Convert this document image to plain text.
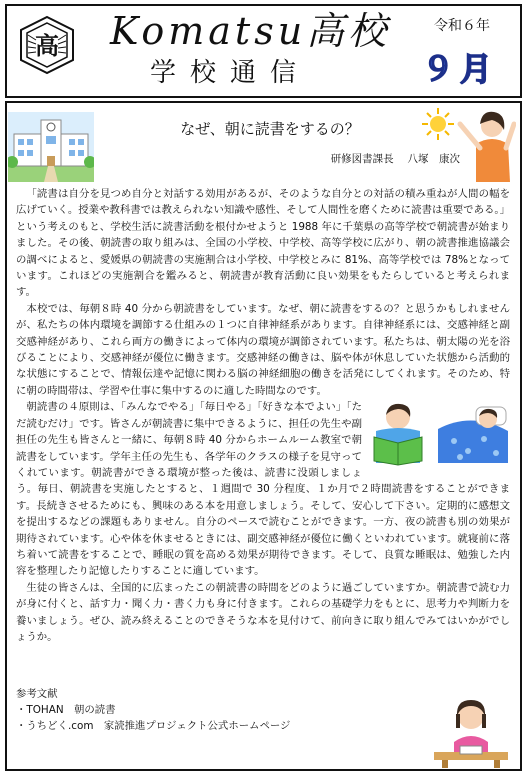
高 Komatsu高校
学校通信
令和６年
９月
なぜ、朝に読書をするの？
研修図書課長　 八塚　康次

「読書は自分を見つめ自分と対話する効用があるが、そのような自分との対話の積み重ねが人間の幅を広げていく。授業や教科書では教えられない知識や感性、そして人間性を磨くために読書は重要である。」という考えのもと、学校生活に読書活動を根付かせようと 1988 年に千葉県の高等学校で朝読書が始まりました。その後、朝読書の取り組みは、全国の小学校、中学校、高等学校に広がり、朝の読書推進協議会の調べによると、愛媛県の朝読書の実施割合は小学校、中学校とみに 81%、高等学校では 78%となっています。これほどの実施割合を鑑みると、朝読書が教育活動に良い効果をもたらしていると考えられます。

本校では、毎朝８時 40 分から朝読書をしています。なぜ、朝に読書をするの？と思うかもしれませんが、私たちの体内環境を調節する仕組みの１つに自律神経系があります。自律神経系には、交感神経と副交感神経があり、これら両方の働きによって体内の環境が調節されています。私たちは、朝太陽の光を浴びることにより、交感神経が優位に働きます。交感神経の働きは、脳や体が休息していた状態から活動的な状態にすることで、情報伝達や記憶に関わる脳の神経細胞の働きを活発にしてくれます。そのため、特に朝の時間帯は、学習や仕事に集中するのに適した時間なのです。

朝読書の４原則は、「みんなでやる」「毎日やる」「好きな本でよい」「ただ読むだけ」です。皆さんが朝読書に集中できるように、担任の先生や副担任の先生も皆さんと一緒に、毎朝８時 40 分からホームルーム教室で朝読書をしています。学年主任の先生も、各学年のクラスの様子を見守ってくれています。朝読書ができる環境が整った後は、読書に没頭しましょう。毎日、朝読書を実施したとすると、１週間で 30 分程度、１か月で２時間読書をすることができます。長続きさせるためにも、興味のある本を用意しましょう。そして、安心して下さい。定期的に感想文を提出するなどの課題もありません。自分のペースで読むことができます。一方、夜の読書も別の効果が期待されています。心や体を休ませるときには、副交感神経が優位に働くといわれています。就寝前に落ち着いて読書をすることで、睡眠の質を高める効果が期待できます。そして、良質な睡眠は、勉強した内容を整理したり記憶したりすることに適しています。

生徒の皆さんは、全国的に広まったこの朝読書の時間をどのように過ごしていますか。朝読書で読む力が身に付くと、話す力・聞く力・書く力も身に付きます。これらの基礎学力をもとに、思考力や判断力を養いましょう。ぜひ、読み終えることのできそうな本を見付けて、前向きに取り組んでみてはいかがでしょうか。

参考文献
・TOHAN　朝の読書
・うちどく.com　家読推進プロジェクト公式ホームページ
